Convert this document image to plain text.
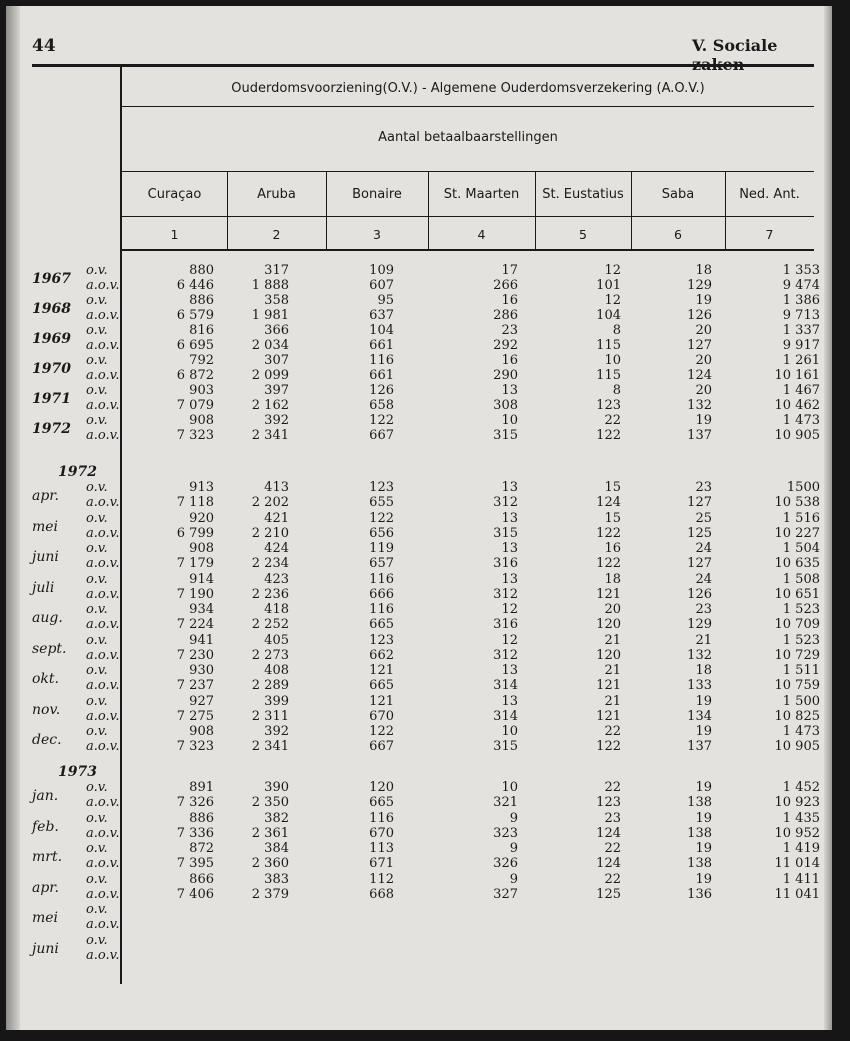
44	V. Sociale
Ouderdomsvoorziening(O.V.) - Algemene Ouderdomsverzekering (A.O.V.)
Aantal betaalbaarstellingen
Curaçao
1
Aruba
2
Bonaire
3
St. Maarten
4
St. Eustatius
5
Saba
6
Ned. Ant.
7
1967
o.v.	880	317	109	17	12	18	1 353
a.o.v.	6 446	1 888	607	266	101	129	9 474
1968
o.v.	886	358	95	16	12	19	1 386
a.o.v.	6 579	1 981	637	286	104	126	9 713
1969
o.v.	816	366	104	23	8	20	1 337
a.o.v.	6 695	2 034	661	292	115	127	9 917
1970
o.v.	792	307	116	16	10	20	1 261
a.o.v.	6 872	2 099	661	290	115	124	10 161
1971
o.v.	903	397	126	13	8	20	1 467
a.o.v.	7 079	2 162	658	308	123	132	10 462
1972
o.v.	908	392	122	10	22	19	1 473
a.o.v.	7 323	2 341	667	315	122	137	10 905
1972
apr.
o.v.	913	413	123	13	15	23	1500
a.o.v.	7 118	2 202	655	312	124	127	10 538
mei
o.v.	920	421	122	13	15	25	1 516
a.o.v.	6 799	2 210	656	315	122	125	10 227
juni
o.v.	908	424	119	13	16	24	1 504
a.o.v.	7 179	2 234	657	316	122	127	10 635
juli
o.v.	914	423	116	13	18	24	1 508
a.o.v.	7 190	2 236	666	312	121	126	10 651
aug.
o.v.	934	418	116	12	20	23	1 523
a.o.v.	7 224	2 252	665	316	120	129	10 709
sept.
o.v.	941	405	123	12	21	21	1 523
a.o.v.	7 230	2 273	662	312	120	132	10 729
okt.
o.v.	930	408	121	13	21	18	1 511
a.o.v.	7 237	2 289	665	314	121	133	10 759
nov.
o.v.	927	399	121	13	21	19	1 500
a.o.v.	7 275	2 311	670	314	121	134	10 825
dec.
o.v.	908	392	122	10	22	19	1 473
a.o.v.	7 323	2 341	667	315	122	137	10 905
1973
jan.
o.v.	891	390	120	10	22	19	1 452
a.o.v.	7 326	2 350	665	321	123	138	10 923
feb.
o.v.	886	382	116	9	23	19	1 435
a.o.v.	7 336	2 361	670	323	124	138	10 952
mrt.
o.v.	872	384	113	9	22	19	1 419
a.o.v.	7 395	2 360	671	326	124	138	11 014
apr.
o.v.	866	383	112	9	22	19	1 411
a.o.v.	7 406	2 379	668	327	125	136	11 041
mei
o.v.
a.o.v.
juni
o.v.
a.o.v.
